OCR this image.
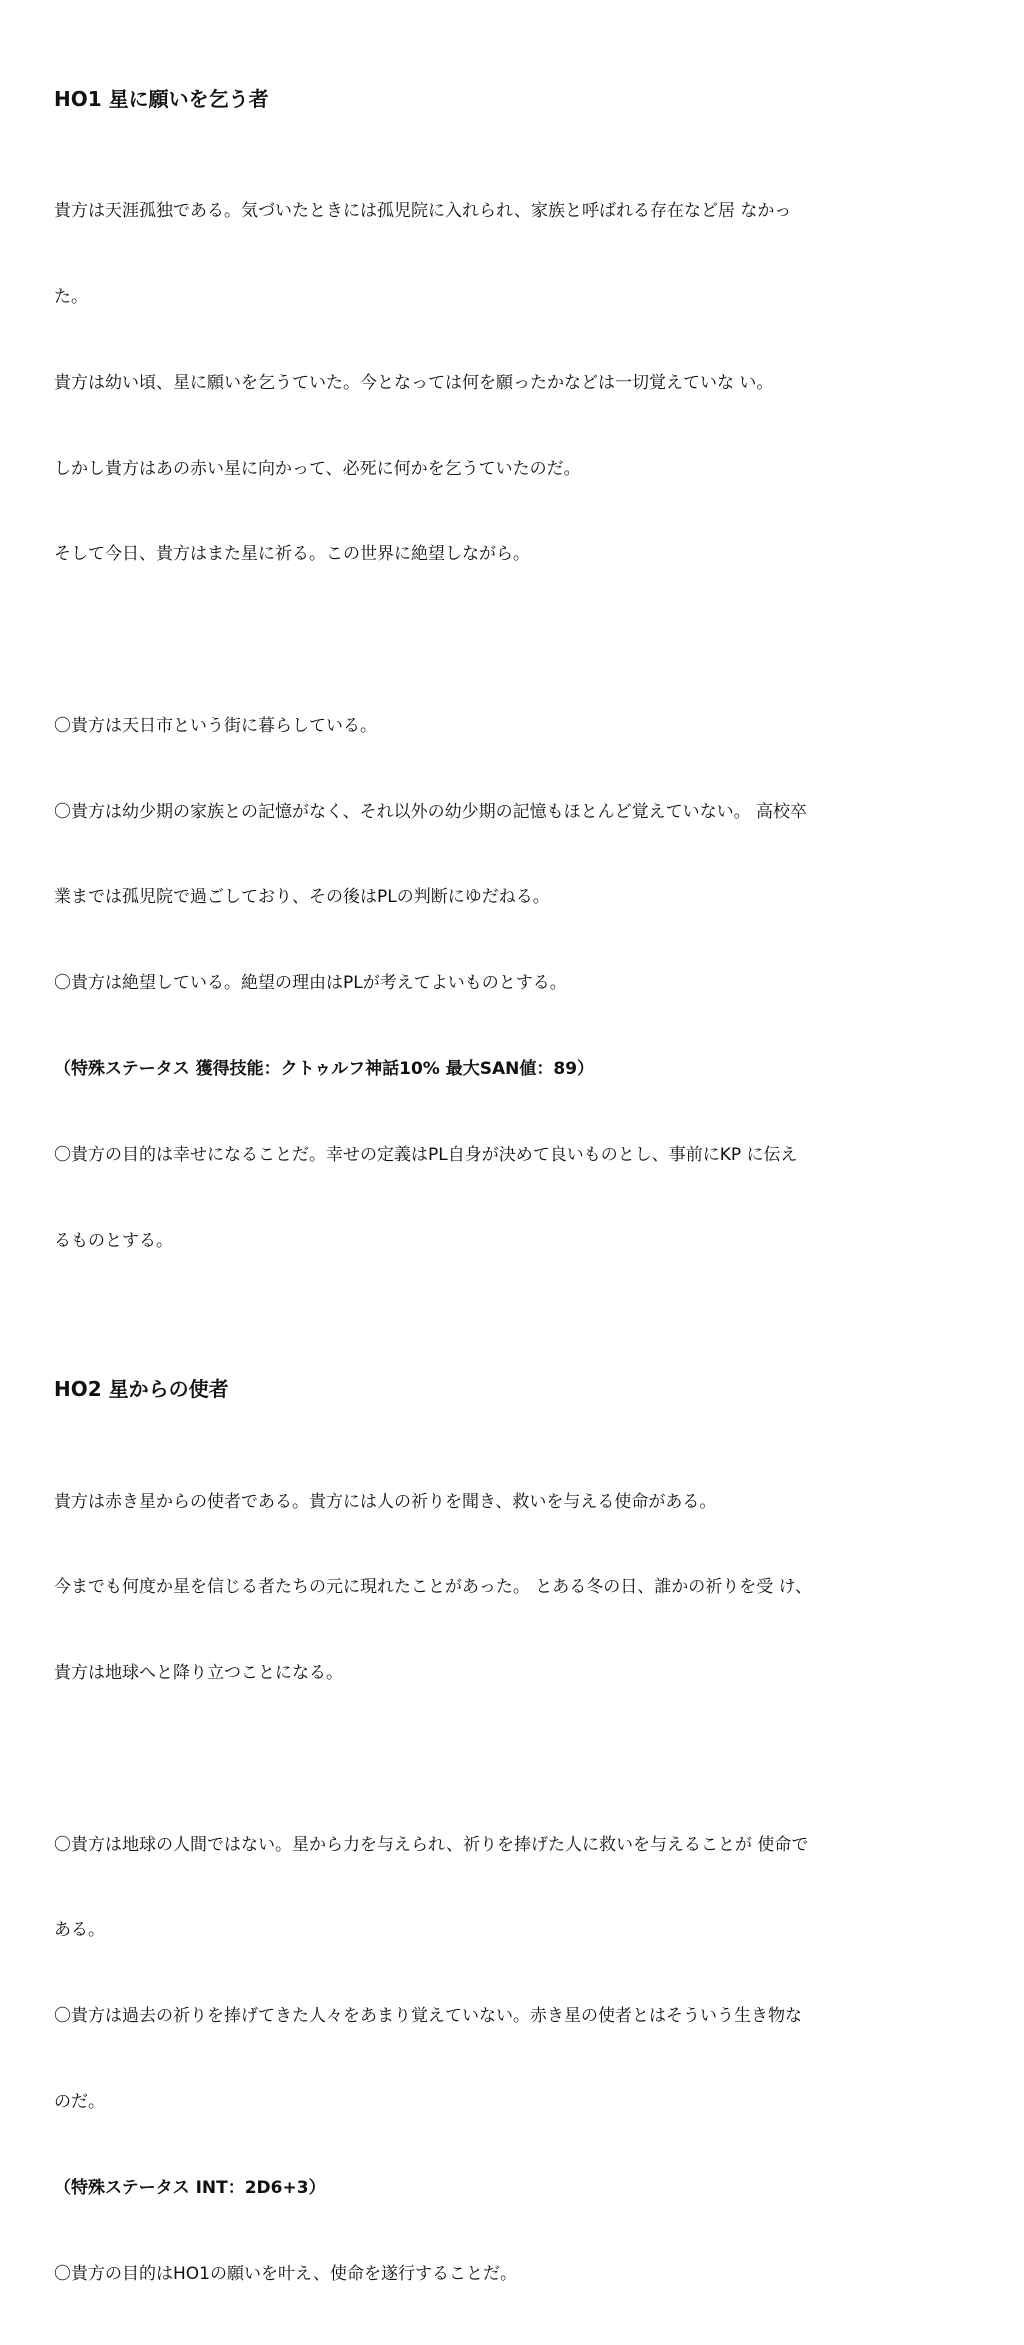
HO1 星に願いを乞う者

貴方は天涯孤独である。気づいたときには孤児院に入れられ、家族と呼ばれる存在など居 なかっ

た。

貴方は幼い頃、星に願いを乞うていた。今となっては何を願ったかなどは一切覚えていな い。

しかし貴方はあの赤い星に向かって、必死に何かを乞うていたのだ。

そして今日、貴方はまた星に祈る。この世界に絶望しながら。

〇貴方は天日市という街に暮らしている。

〇貴方は幼少期の家族との記憶がなく、それ以外の幼少期の記憶もほとんど覚えていない。 高校卒

業までは孤児院で過ごしており、その後はPLの判断にゆだねる。

〇貴方は絶望している。絶望の理由はPLが考えてよいものとする。

（特殊ステータス 獲得技能：クトゥルフ神話10% 最大SAN値：89）

〇貴方の目的は幸せになることだ。幸せの定義はPL自身が決めて良いものとし、事前にKP に伝え

るものとする。

HO2 星からの使者

貴方は赤き星からの使者である。貴方には人の祈りを聞き、救いを与える使命がある。

今までも何度か星を信じる者たちの元に現れたことがあった。 とある冬の日、誰かの祈りを受 け、

貴方は地球へと降り立つことになる。

〇貴方は地球の人間ではない。星から力を与えられ、祈りを捧げた人に救いを与えることが 使命で

ある。

〇貴方は過去の祈りを捧げてきた人々をあまり覚えていない。赤き星の使者とはそういう生き物な

のだ。

（特殊ステータス INT：2D6+3）

〇貴方の目的はHO1の願いを叶え、使命を遂行することだ。
